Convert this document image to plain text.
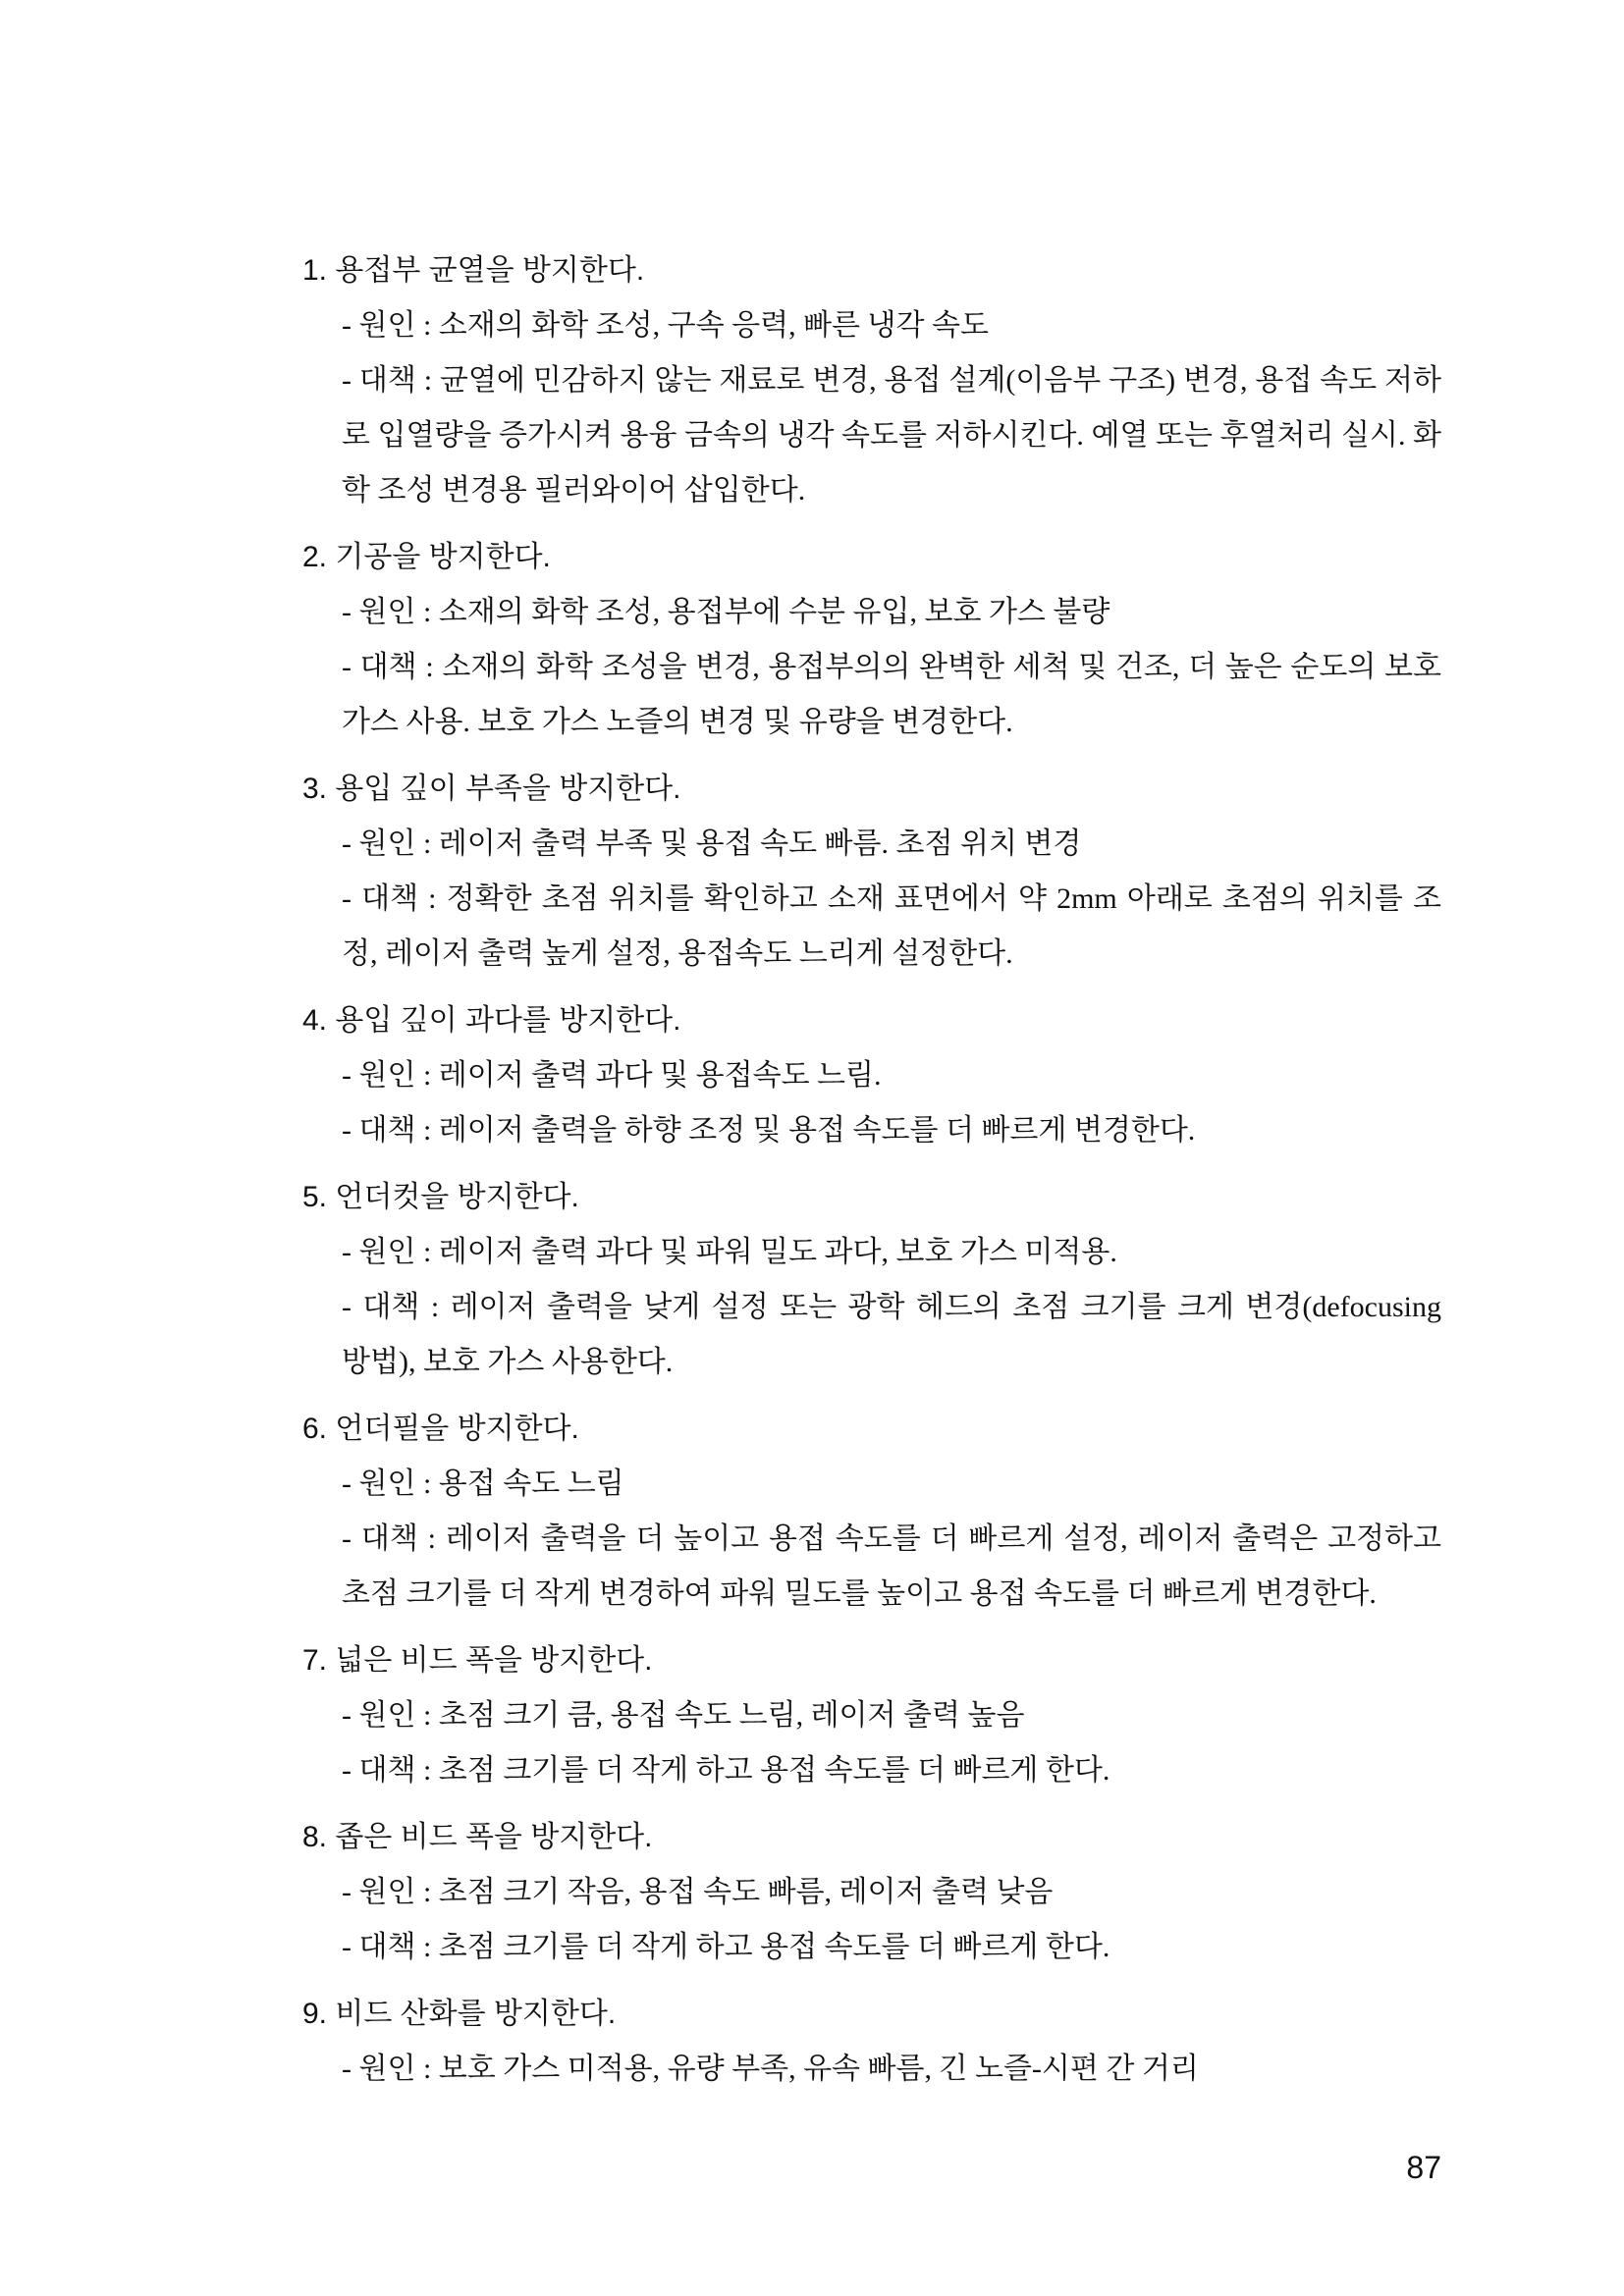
1. 용접부 균열을 방지한다.
- 원인 : 소재의 화학 조성, 구속 응력, 빠른 냉각 속도
- 대책 : 균열에 민감하지 않는 재료로 변경, 용접 설계(이음부 구조) 변경, 용접 속도 저하
로 입열량을 증가시켜 용융 금속의 냉각 속도를 저하시킨다. 예열 또는 후열처리 실시. 화
학 조성 변경용 필러와이어 삽입한다.
2. 기공을 방지한다.
- 원인 : 소재의 화학 조성, 용접부에 수분 유입, 보호 가스 불량
- 대책 : 소재의 화학 조성을 변경, 용접부의의 완벽한 세척 및 건조, 더 높은 순도의 보호
가스 사용. 보호 가스 노즐의 변경 및 유량을 변경한다.
3. 용입 깊이 부족을 방지한다.
- 원인 : 레이저 출력 부족 및 용접 속도 빠름. 초점 위치 변경
- 대책 : 정확한 초점 위치를 확인하고 소재 표면에서 약 2mm 아래로 초점의 위치를 조
정, 레이저 출력 높게 설정, 용접속도 느리게 설정한다.
4. 용입 깊이 과다를 방지한다.
- 원인 : 레이저 출력 과다 및 용접속도 느림.
- 대책 : 레이저 출력을 하향 조정 및 용접 속도를 더 빠르게 변경한다.
5. 언더컷을 방지한다.
- 원인 : 레이저 출력 과다 및 파워 밀도 과다, 보호 가스 미적용.
- 대책 : 레이저 출력을 낮게 설정 또는 광학 헤드의 초점 크기를 크게 변경(defocusing
방법), 보호 가스 사용한다.
6. 언더필을 방지한다.
- 원인 : 용접 속도 느림
- 대책 : 레이저 출력을 더 높이고 용접 속도를 더 빠르게 설정, 레이저 출력은 고정하고
초점 크기를 더 작게 변경하여 파워 밀도를 높이고 용접 속도를 더 빠르게 변경한다.
7. 넓은 비드 폭을 방지한다.
- 원인 : 초점 크기 큼, 용접 속도 느림, 레이저 출력 높음
- 대책 : 초점 크기를 더 작게 하고 용접 속도를 더 빠르게 한다.
8. 좁은 비드 폭을 방지한다.
- 원인 : 초점 크기 작음, 용접 속도 빠름, 레이저 출력 낮음
- 대책 : 초점 크기를 더 작게 하고 용접 속도를 더 빠르게 한다.
9. 비드 산화를 방지한다.
- 원인 : 보호 가스 미적용, 유량 부족, 유속 빠름, 긴 노즐-시편 간 거리
87
